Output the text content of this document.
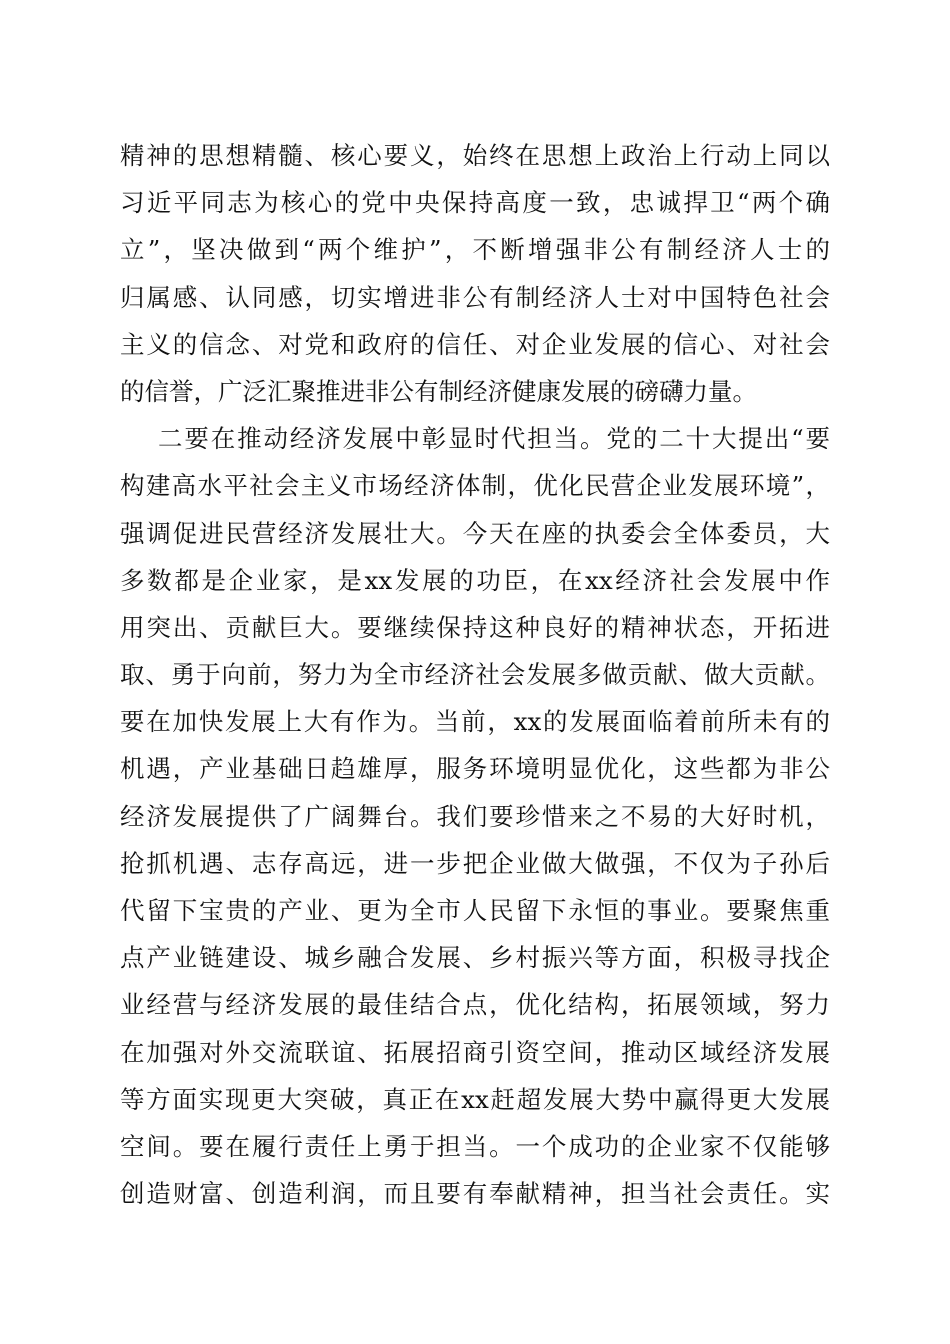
精神的思想精髓、核心要义，始终在思想上政治上行动上同以
习近平同志为核心的党中央保持高度一致，忠诚捍卫“两个确
立”，坚决做到“两个维护”，不断增强非公有制经济人士的
归属感、认同感，切实增进非公有制经济人士对中国特色社会
主义的信念、对党和政府的信任、对企业发展的信心、对社会
的信誉，广泛汇聚推进非公有制经济健康发展的磅礴力量。
二要在推动经济发展中彰显时代担当。党的二十大提出“要
构建高水平社会主义市场经济体制，优化民营企业发展环境”，
强调促进民营经济发展壮大。今天在座的执委会全体委员，大
多数都是企业家，是xx发展的功臣，在xx经济社会发展中作
用突出、贡献巨大。要继续保持这种良好的精神状态，开拓进
取、勇于向前，努力为全市经济社会发展多做贡献、做大贡献。
要在加快发展上大有作为。当前，xx的发展面临着前所未有的
机遇，产业基础日趋雄厚，服务环境明显优化，这些都为非公
经济发展提供了广阔舞台。我们要珍惜来之不易的大好时机，
抢抓机遇、志存高远，进一步把企业做大做强，不仅为子孙后
代留下宝贵的产业、更为全市人民留下永恒的事业。要聚焦重
点产业链建设、城乡融合发展、乡村振兴等方面，积极寻找企
业经营与经济发展的最佳结合点，优化结构，拓展领域，努力
在加强对外交流联谊、拓展招商引资空间，推动区域经济发展
等方面实现更大突破，真正在xx赶超发展大势中赢得更大发展
空间。要在履行责任上勇于担当。一个成功的企业家不仅能够
创造财富、创造利润，而且要有奉献精神，担当社会责任。实
